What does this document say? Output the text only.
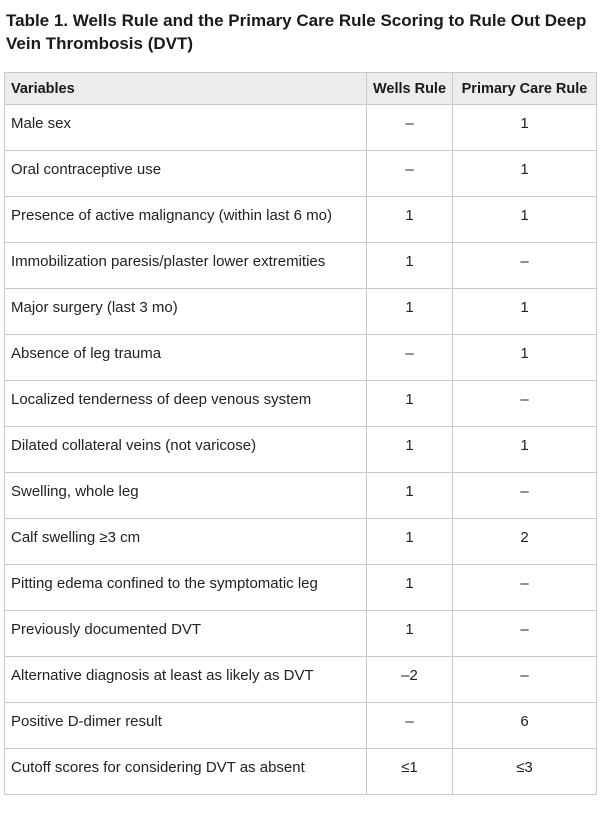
Table 1. Wells Rule and the Primary Care Rule Scoring to Rule Out Deep Vein Thrombosis (DVT)
Variables	Wells Rule	Primary Care Rule
Male sex	–	1
Oral contraceptive use	–	1
Presence of active malignancy (within last 6 mo)	1	1
Immobilization paresis/plaster lower extremities	1	–
Major surgery (last 3 mo)	1	1
Absence of leg trauma	–	1
Localized tenderness of deep venous system	1	–
Dilated collateral veins (not varicose)	1	1
Swelling, whole leg	1	–
Calf swelling ≥3 cm	1	2
Pitting edema confined to the symptomatic leg	1	–
Previously documented DVT	1	–
Alternative diagnosis at least as likely as DVT	–2	–
Positive D-dimer result	–	6
Cutoff scores for considering DVT as absent	≤1	≤3
